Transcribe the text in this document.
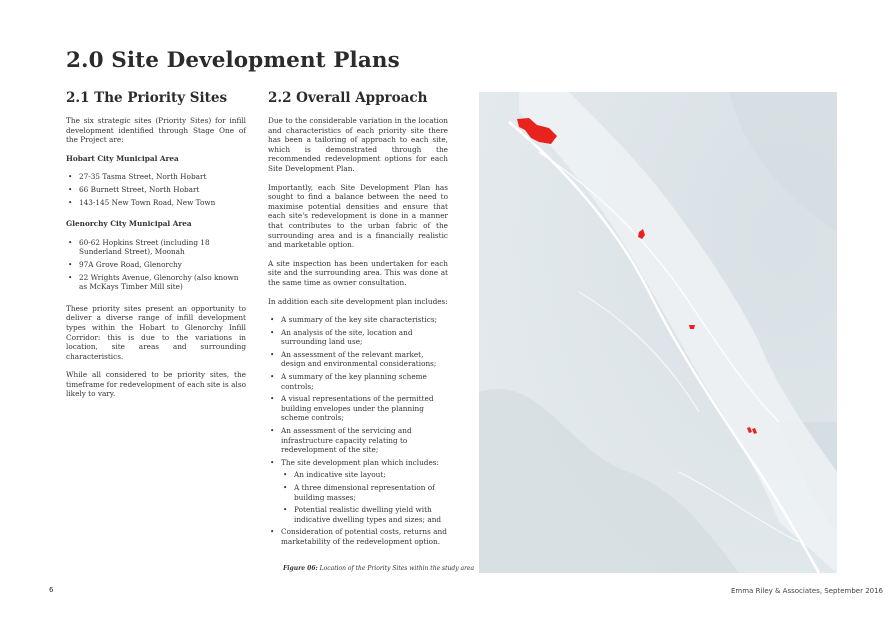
2.0 Site Development Plans
2.1 The Priority Sites
The six strategic sites (Priority Sites) for infill development identified through Stage One of the Project are:
Hobart City Municipal Area
• 27-35 Tasma Street, North Hobart
• 66 Burnett Street, North Hobart
• 143-145 New Town Road, New Town
Glenorchy City Municipal Area
• 60-62 Hopkins Street (including 18 Sunderland Street), Moonah
• 97A Grove Road, Glenorchy
• 22 Wrights Avenue, Glenorchy (also known as McKays Timber Mill site)
These priority sites present an opportunity to deliver a diverse range of infill development types within the Hobart to Glenorchy Infill Corridor: this is due to the variations in location, site areas and surrounding characteristics.
While all considered to be priority sites, the timeframe for redevelopment of each site is also likely to vary.
2.2 Overall Approach
Due to the considerable variation in the location and characteristics of each priority site there has been a tailoring of approach to each site, which is demonstrated through the recommended redevelopment options for each Site Development Plan.
Importantly, each Site Development Plan has sought to find a balance between the need to maximise potential densities and ensure that each site's redevelopment is done in a manner that contributes to the urban fabric of the surrounding area and is a financially realistic and marketable option.
A site inspection has been undertaken for each site and the surrounding area. This was done at the same time as owner consultation.
In addition each site development plan includes:
• A summary of the key site characteristics;
• An analysis of the site, location and surrounding land use;
• An assessment of the relevant market, design and environmental considerations;
• A summary of the key planning scheme controls;
• A visual representations of the permitted building envelopes under the planning scheme controls;
• An assessment of the servicing and infrastructure capacity relating to redevelopment of the site;
• The site development plan which includes:
• An indicative site layout;
• A three dimensional representation of building masses;
• Potential realistic dwelling yield with indicative dwelling types and sizes; and
• Consideration of potential costs, returns and marketability of the redevelopment option.
Figure 06: Location of the Priority Sites within the study area
6	Emma Riley & Associates, September 2016
